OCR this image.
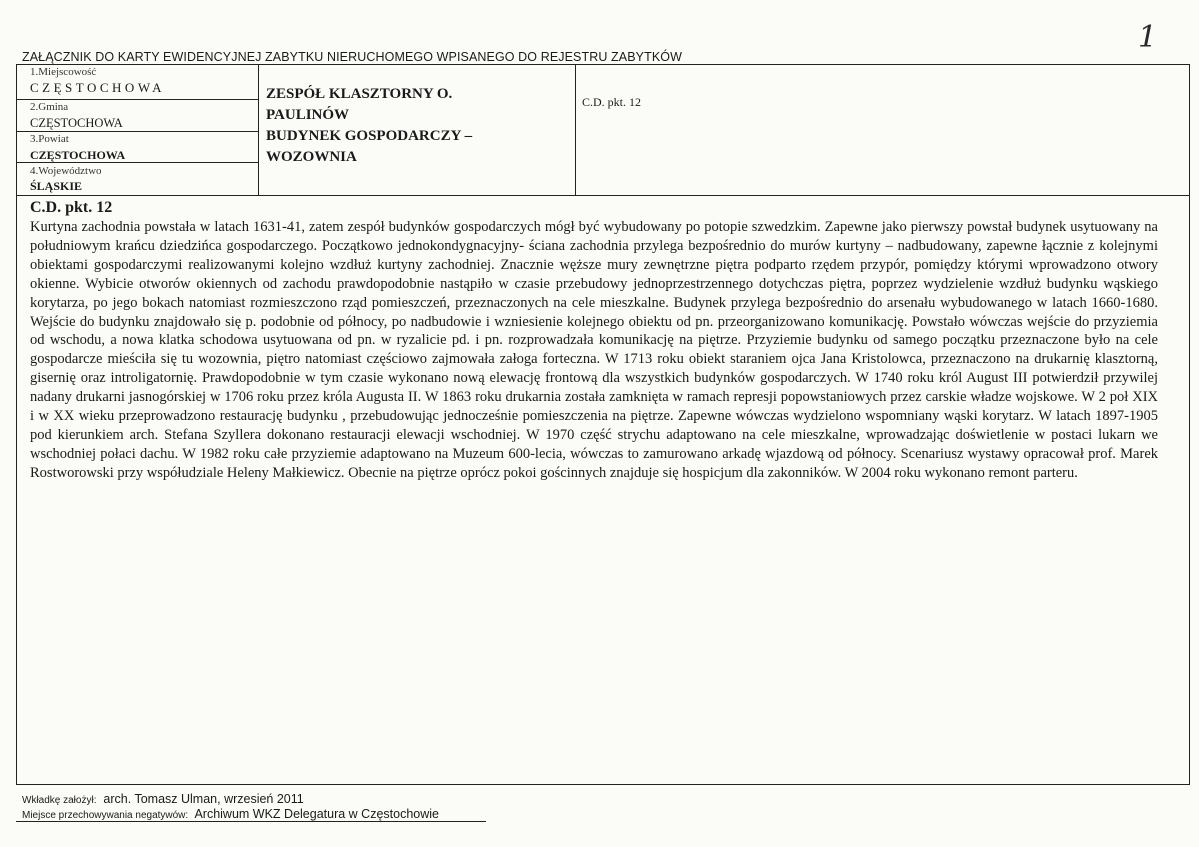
1
ZAŁĄCZNIK DO KARTY EWIDENCYJNEJ ZABYTKU NIERUCHOMEGO WPISANEGO DO REJESTRU ZABYTKÓW
1.Miejscowość
CZĘSTOCHOWA
2.Gmina
CZĘSTOCHOWA
3.Powiat
CZĘSTOCHOWA
4.Województwo
ŚLĄSKIE
ZESPÓŁ KLASZTORNY O.
PAULINÓW
BUDYNEK GOSPODARCZY –
WOZOWNIA
C.D. pkt. 12
C.D. pkt. 12

Kurtyna zachodnia powstała w latach 1631-41, zatem zespół budynków gospodarczych mógł być wybudowany po potopie szwedzkim. Zapewne jako pierwszy powstał budynek usytuowany na południowym krańcu dziedzińca gospodarczego. Początkowo jednokondygnacyjny- ściana zachodnia przylega bezpośrednio do murów kurtyny – nadbudowany, zapewne łącznie z kolejnymi obiektami gospodarczymi realizowanymi kolejno wzdłuż kurtyny zachodniej. Znacznie węższe mury zewnętrzne piętra podparto rzędem przypór, pomiędzy którymi wprowadzono otwory okienne. Wybicie otworów okiennych od zachodu prawdopodobnie nastąpiło w czasie przebudowy jednoprzestrzennego dotychczas piętra, poprzez wydzielenie wzdłuż budynku wąskiego korytarza, po jego bokach natomiast rozmieszczono rząd pomieszczeń, przeznaczonych na cele mieszkalne. Budynek przylega bezpośrednio do arsenału wybudowanego w latach 1660-1680. Wejście do budynku znajdowało się p. podobnie od północy, po nadbudowie i wzniesienie kolejnego obiektu od pn. przeorganizowano komunikację. Powstało wówczas wejście do przyziemia od wschodu, a nowa klatka schodowa usytuowana od pn. w ryzalicie pd. i pn. rozprowadzała komunikację na piętrze. Przyziemie budynku od samego początku przeznaczone było na cele gospodarcze mieściła się tu wozownia, piętro natomiast częściowo zajmowała załoga forteczna. W 1713 roku obiekt staraniem ojca Jana Kristolowca, przeznaczono na drukarnię klasztorną, gisernię oraz introligatornię. Prawdopodobnie w tym czasie wykonano nową elewację frontową dla wszystkich budynków gospodarczych. W 1740 roku król August III potwierdził przywilej nadany drukarni jasnogórskiej w 1706 roku przez króla Augusta II. W 1863 roku drukarnia została zamknięta w ramach represji popowstaniowych przez carskie władze wojskowe. W 2 poł XIX i w XX wieku przeprowadzono restaurację budynku , przebudowując jednocześnie pomieszczenia na piętrze. Zapewne wówczas wydzielono wspomniany wąski korytarz. W latach 1897-1905 pod kierunkiem arch. Stefana Szyllera dokonano restauracji elewacji wschodniej. W 1970 część strychu adaptowano na cele mieszkalne, wprowadzając doświetlenie w postaci lukarn we wschodniej połaci dachu. W 1982 roku całe przyziemie adaptowano na Muzeum 600-lecia, wówczas to zamurowano arkadę wjazdową od północy. Scenariusz wystawy opracował prof. Marek Rostworowski przy współudziale Heleny Małkiewicz. Obecnie na piętrze oprócz pokoi gościnnych znajduje się hospicjum dla zakonników. W 2004 roku wykonano remont parteru.

Wkładkę założył: arch. Tomasz Ulman, wrzesień 2011
Miejsce przechowywania negatywów: Archiwum WKZ Delegatura w Częstochowie
